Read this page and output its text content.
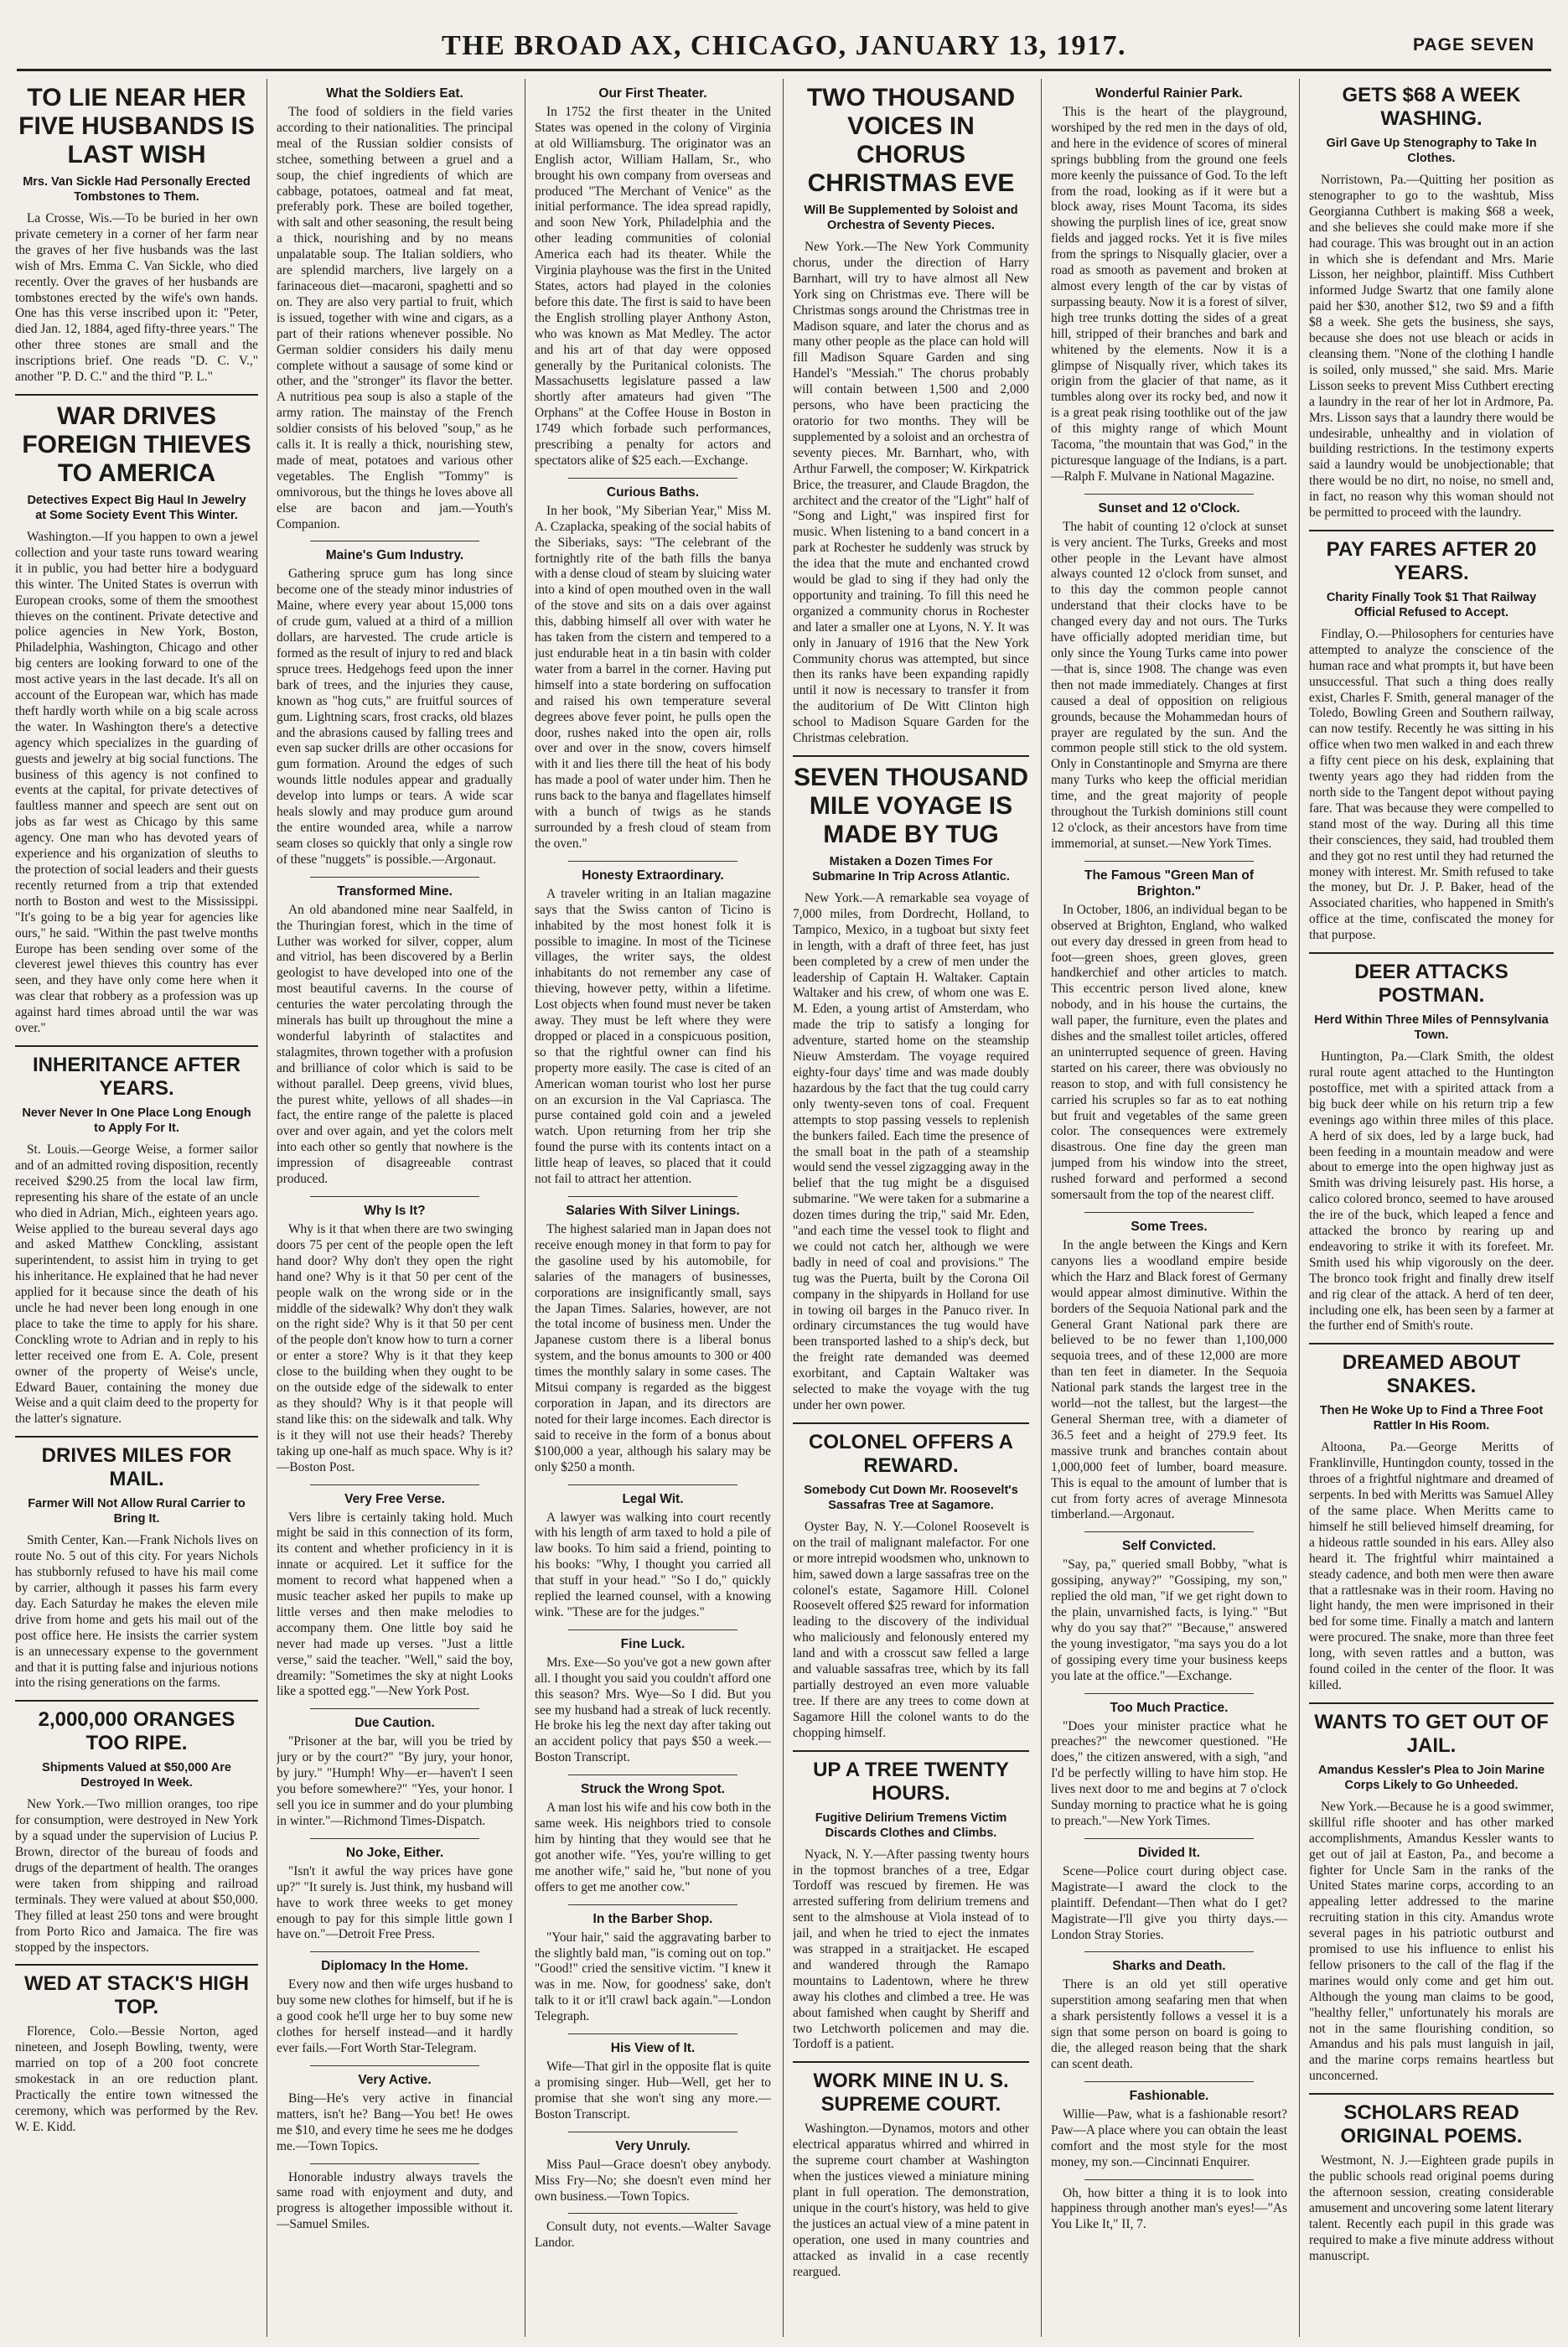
THE BROAD AX, CHICAGO, JANUARY 13, 1917.	PAGE SEVEN
TO LIE NEAR HER FIVE HUSBANDS IS LAST WISH
Mrs. Van Sickle Had Personally Erected Tombstones to Them.

La Crosse, Wis.—To be buried in her own private cemetery in a corner of her farm near the graves of her five husbands was the last wish of Mrs. Emma C. Van Sickle, who died recently. Over the graves of her husbands are tombstones erected by the wife's own hands. One has this verse inscribed upon it: "Peter, died Jan. 12, 1884, aged fifty-three years." The other three stones are small and the inscriptions brief. One reads "D. C. V.," another "P. D. C." and the third "P. L."

WAR DRIVES FOREIGN THIEVES TO AMERICA
Detectives Expect Big Haul In Jewelry at Some Society Event This Winter.

Washington.—If you happen to own a jewel collection and your taste runs toward wearing it in public, you had better hire a bodyguard this winter. The United States is overrun with European crooks, some of them the smoothest thieves on the continent. Private detective and police agencies in New York, Boston, Philadelphia, Washington, Chicago and other big centers are looking forward to one of the most active years in the last decade. It's all on account of the European war, which has made theft hardly worth while on a big scale across the water. In Washington there's a detective agency which specializes in the guarding of guests and jewelry at big social functions. The business of this agency is not confined to events at the capital, for private detectives of faultless manner and speech are sent out on jobs as far west as Chicago by this same agency. One man who has devoted years of experience and his organization of sleuths to the protection of social leaders and their guests recently returned from a trip that extended north to Boston and west to the Mississippi. "It's going to be a big year for agencies like ours," he said. "Within the past twelve months Europe has been sending over some of the cleverest jewel thieves this country has ever seen, and they have only come here when it was clear that robbery as a profession was up against hard times abroad until the war was over."

INHERITANCE AFTER YEARS.
Never Never In One Place Long Enough to Apply For It.

St. Louis.—George Weise, a former sailor and of an admitted roving disposition, recently received $290.25 from the local law firm, representing his share of the estate of an uncle who died in Adrian, Mich., eighteen years ago. Weise applied to the bureau several days ago and asked Matthew Conckling, assistant superintendent, to assist him in trying to get his inheritance. He explained that he had never applied for it because since the death of his uncle he had never been long enough in one place to take the time to apply for his share. Conckling wrote to Adrian and in reply to his letter received one from E. A. Cole, present owner of the property of Weise's uncle, Edward Bauer, containing the money due Weise and a quit claim deed to the property for the latter's signature.

DRIVES MILES FOR MAIL.
Farmer Will Not Allow Rural Carrier to Bring It.

Smith Center, Kan.—Frank Nichols lives on route No. 5 out of this city. For years Nichols has stubbornly refused to have his mail come by carrier, although it passes his farm every day. Each Saturday he makes the eleven mile drive from home and gets his mail out of the post office here. He insists the carrier system is an unnecessary expense to the government and that it is putting false and injurious notions into the rising generations on the farms.

2,000,000 ORANGES TOO RIPE.
Shipments Valued at $50,000 Are Destroyed In Week.

New York.—Two million oranges, too ripe for consumption, were destroyed in New York by a squad under the supervision of Lucius P. Brown, director of the bureau of foods and drugs of the department of health. The oranges were taken from shipping and railroad terminals. They were valued at about $50,000. They filled at least 250 tons and were brought from Porto Rico and Jamaica. The fire was stopped by the inspectors.

WED AT STACK'S HIGH TOP.

Florence, Colo.—Bessie Norton, aged nineteen, and Joseph Bowling, twenty, were married on top of a 200 foot concrete smokestack in an ore reduction plant. Practically the entire town witnessed the ceremony, which was performed by the Rev. W. E. Kidd.

What the Soldiers Eat.

The food of soldiers in the field varies according to their nationalities. The principal meal of the Russian soldier consists of stchee, something between a gruel and a soup, the chief ingredients of which are cabbage, potatoes, oatmeal and fat meat, preferably pork. These are boiled together, with salt and other seasoning, the result being a thick, nourishing and by no means unpalatable soup. The Italian soldiers, who are splendid marchers, live largely on a farinaceous diet—macaroni, spaghetti and so on. They are also very partial to fruit, which is issued, together with wine and cigars, as a part of their rations whenever possible. No German soldier considers his daily menu complete without a sausage of some kind or other, and the "stronger" its flavor the better. A nutritious pea soup is also a staple of the army ration. The mainstay of the French soldier consists of his beloved "soup," as he calls it. It is really a thick, nourishing stew, made of meat, potatoes and various other vegetables. The English "Tommy" is omnivorous, but the things he loves above all else are bacon and jam.—Youth's Companion.

Maine's Gum Industry.

Gathering spruce gum has long since become one of the steady minor industries of Maine, where every year about 15,000 tons of crude gum, valued at a third of a million dollars, are harvested. The crude article is formed as the result of injury to red and black spruce trees. Hedgehogs feed upon the inner bark of trees, and the injuries they cause, known as "hog cuts," are fruitful sources of gum. Lightning scars, frost cracks, old blazes and the abrasions caused by falling trees and even sap sucker drills are other occasions for gum formation. Around the edges of such wounds little nodules appear and gradually develop into lumps or tears. A wide scar heals slowly and may produce gum around the entire wounded area, while a narrow seam closes so quickly that only a single row of these "nuggets" is possible.—Argonaut.

Transformed Mine.

An old abandoned mine near Saalfeld, in the Thuringian forest, which in the time of Luther was worked for silver, copper, alum and vitriol, has been discovered by a Berlin geologist to have developed into one of the most beautiful caverns. In the course of centuries the water percolating through the minerals has built up throughout the mine a wonderful labyrinth of stalactites and stalagmites, thrown together with a profusion and brilliance of color which is said to be without parallel. Deep greens, vivid blues, the purest white, yellows of all shades—in fact, the entire range of the palette is placed over and over again, and yet the colors melt into each other so gently that nowhere is the impression of disagreeable contrast produced.

Why Is It?

Why is it that when there are two swinging doors 75 per cent of the people open the left hand door? Why don't they open the right hand one? Why is it that 50 per cent of the people walk on the wrong side or in the middle of the sidewalk? Why don't they walk on the right side? Why is it that 50 per cent of the people don't know how to turn a corner or enter a store? Why is it that they keep close to the building when they ought to be on the outside edge of the sidewalk to enter as they should? Why is it that people will stand like this: on the sidewalk and talk. Why is it they will not use their heads? Thereby taking up one-half as much space. Why is it?—Boston Post.

Very Free Verse.

Vers libre is certainly taking hold. Much might be said in this connection of its form, its content and whether proficiency in it is innate or acquired. Let it suffice for the moment to record what happened when a music teacher asked her pupils to make up little verses and then make melodies to accompany them. One little boy said he never had made up verses. "Just a little verse," said the teacher. "Well," said the boy, dreamily: "Sometimes the sky at night Looks like a spotted egg."—New York Post.

Due Caution.

"Prisoner at the bar, will you be tried by jury or by the court?" "By jury, your honor, by jury." "Humph! Why—er—haven't I seen you before somewhere?" "Yes, your honor. I sell you ice in summer and do your plumbing in winter."—Richmond Times-Dispatch.

No Joke, Either.

"Isn't it awful the way prices have gone up?" "It surely is. Just think, my husband will have to work three weeks to get money enough to pay for this simple little gown I have on."—Detroit Free Press.

Diplomacy In the Home.

Every now and then wife urges husband to buy some new clothes for himself, but if he is a good cook he'll urge her to buy some new clothes for herself instead—and it hardly ever fails.—Fort Worth Star-Telegram.

Very Active.

Bing—He's very active in financial matters, isn't he? Bang—You bet! He owes me $10, and every time he sees me he dodges me.—Town Topics.

Honorable industry always travels the same road with enjoyment and duty, and progress is altogether impossible without it.—Samuel Smiles.

Our First Theater.

In 1752 the first theater in the United States was opened in the colony of Virginia at old Williamsburg. The originator was an English actor, William Hallam, Sr., who brought his own company from overseas and produced "The Merchant of Venice" as the initial performance. The idea spread rapidly, and soon New York, Philadelphia and the other leading communities of colonial America each had its theater. While the Virginia playhouse was the first in the United States, actors had played in the colonies before this date. The first is said to have been the English strolling player Anthony Aston, who was known as Mat Medley. The actor and his art of that day were opposed generally by the Puritanical colonists. The Massachusetts legislature passed a law shortly after amateurs had given "The Orphans" at the Coffee House in Boston in 1749 which forbade such performances, prescribing a penalty for actors and spectators alike of $25 each.—Exchange.

Curious Baths.

In her book, "My Siberian Year," Miss M. A. Czaplacka, speaking of the social habits of the Siberiaks, says: "The celebrant of the fortnightly rite of the bath fills the banya with a dense cloud of steam by sluicing water into a kind of open mouthed oven in the wall of the stove and sits on a dais over against this, dabbing himself all over with water he has taken from the cistern and tempered to a just endurable heat in a tin basin with colder water from a barrel in the corner. Having put himself into a state bordering on suffocation and raised his own temperature several degrees above fever point, he pulls open the door, rushes naked into the open air, rolls over and over in the snow, covers himself with it and lies there till the heat of his body has made a pool of water under him. Then he runs back to the banya and flagellates himself with a bunch of twigs as he stands surrounded by a fresh cloud of steam from the oven."

Honesty Extraordinary.

A traveler writing in an Italian magazine says that the Swiss canton of Ticino is inhabited by the most honest folk it is possible to imagine. In most of the Ticinese villages, the writer says, the oldest inhabitants do not remember any case of thieving, however petty, within a lifetime. Lost objects when found must never be taken away. They must be left where they were dropped or placed in a conspicuous position, so that the rightful owner can find his property more easily. The case is cited of an American woman tourist who lost her purse on an excursion in the Val Capriasca. The purse contained gold coin and a jeweled watch. Upon returning from her trip she found the purse with its contents intact on a little heap of leaves, so placed that it could not fail to attract her attention.

Salaries With Silver Linings.

The highest salaried man in Japan does not receive enough money in that form to pay for the gasoline used by his automobile, for salaries of the managers of businesses, corporations are insignificantly small, says the Japan Times. Salaries, however, are not the total income of business men. Under the Japanese custom there is a liberal bonus system, and the bonus amounts to 300 or 400 times the monthly salary in some cases. The Mitsui company is regarded as the biggest corporation in Japan, and its directors are noted for their large incomes. Each director is said to receive in the form of a bonus about $100,000 a year, although his salary may be only $250 a month.

Legal Wit.

A lawyer was walking into court recently with his length of arm taxed to hold a pile of law books. To him said a friend, pointing to his books: "Why, I thought you carried all that stuff in your head." "So I do," quickly replied the learned counsel, with a knowing wink. "These are for the judges."

Fine Luck.

Mrs. Exe—So you've got a new gown after all. I thought you said you couldn't afford one this season? Mrs. Wye—So I did. But you see my husband had a streak of luck recently. He broke his leg the next day after taking out an accident policy that pays $50 a week.—Boston Transcript.

Struck the Wrong Spot.

A man lost his wife and his cow both in the same week. His neighbors tried to console him by hinting that they would see that he got another wife. "Yes, you're willing to get me another wife," said he, "but none of you offers to get me another cow."

In the Barber Shop.

"Your hair," said the aggravating barber to the slightly bald man, "is coming out on top." "Good!" cried the sensitive victim. "I knew it was in me. Now, for goodness' sake, don't talk to it or it'll crawl back again."—London Telegraph.

His View of It.

Wife—That girl in the opposite flat is quite a promising singer. Hub—Well, get her to promise that she won't sing any more.—Boston Transcript.

Very Unruly.

Miss Paul—Grace doesn't obey anybody. Miss Fry—No; she doesn't even mind her own business.—Town Topics.

Consult duty, not events.—Walter Savage Landor.

TWO THOUSAND VOICES IN CHORUS CHRISTMAS EVE
Will Be Supplemented by Soloist and Orchestra of Seventy Pieces.

New York.—The New York Community chorus, under the direction of Harry Barnhart, will try to have almost all New York sing on Christmas eve. There will be Christmas songs around the Christmas tree in Madison square, and later the chorus and as many other people as the place can hold will fill Madison Square Garden and sing Handel's "Messiah." The chorus probably will contain between 1,500 and 2,000 persons, who have been practicing the oratorio for two months. They will be supplemented by a soloist and an orchestra of seventy pieces. Mr. Barnhart, who, with Arthur Farwell, the composer; W. Kirkpatrick Brice, the treasurer, and Claude Bragdon, the architect and the creator of the "Light" half of "Song and Light," was inspired first for music. When listening to a band concert in a park at Rochester he suddenly was struck by the idea that the mute and enchanted crowd would be glad to sing if they had only the opportunity and training. To fill this need he organized a community chorus in Rochester and later a smaller one at Lyons, N. Y. It was only in January of 1916 that the New York Community chorus was attempted, but since then its ranks have been expanding rapidly until it now is necessary to transfer it from the auditorium of De Witt Clinton high school to Madison Square Garden for the Christmas celebration.

SEVEN THOUSAND MILE VOYAGE IS MADE BY TUG
Mistaken a Dozen Times For Submarine In Trip Across Atlantic.

New York.—A remarkable sea voyage of 7,000 miles, from Dordrecht, Holland, to Tampico, Mexico, in a tugboat but sixty feet in length, with a draft of three feet, has just been completed by a crew of men under the leadership of Captain H. Waltaker. Captain Waltaker and his crew, of whom one was E. M. Eden, a young artist of Amsterdam, who made the trip to satisfy a longing for adventure, started home on the steamship Nieuw Amsterdam. The voyage required eighty-four days' time and was made doubly hazardous by the fact that the tug could carry only twenty-seven tons of coal. Frequent attempts to stop passing vessels to replenish the bunkers failed. Each time the presence of the small boat in the path of a steamship would send the vessel zigzagging away in the belief that the tug might be a disguised submarine. "We were taken for a submarine a dozen times during the trip," said Mr. Eden, "and each time the vessel took to flight and we could not catch her, although we were badly in need of coal and provisions." The tug was the Puerta, built by the Corona Oil company in the shipyards in Holland for use in towing oil barges in the Panuco river. In ordinary circumstances the tug would have been transported lashed to a ship's deck, but the freight rate demanded was deemed exorbitant, and Captain Waltaker was selected to make the voyage with the tug under her own power.

COLONEL OFFERS A REWARD.
Somebody Cut Down Mr. Roosevelt's Sassafras Tree at Sagamore.

Oyster Bay, N. Y.—Colonel Roosevelt is on the trail of malignant malefactor. For one or more intrepid woodsmen who, unknown to him, sawed down a large sassafras tree on the colonel's estate, Sagamore Hill. Colonel Roosevelt offered $25 reward for information leading to the discovery of the individual who maliciously and felonously entered my land and with a crosscut saw felled a large and valuable sassafras tree, which by its fall partially destroyed an even more valuable tree. If there are any trees to come down at Sagamore Hill the colonel wants to do the chopping himself.

UP A TREE TWENTY HOURS.
Fugitive Delirium Tremens Victim Discards Clothes and Climbs.

Nyack, N. Y.—After passing twenty hours in the topmost branches of a tree, Edgar Tordoff was rescued by firemen. He was arrested suffering from delirium tremens and sent to the almshouse at Viola instead of to jail, and when he tried to eject the inmates was strapped in a straitjacket. He escaped and wandered through the Ramapo mountains to Ladentown, where he threw away his clothes and climbed a tree. He was about famished when caught by Sheriff and two Letchworth policemen and may die. Tordoff is a patient.

WORK MINE IN U. S. SUPREME COURT.

Washington.—Dynamos, motors and other electrical apparatus whirred and whirred in the supreme court chamber at Washington when the justices viewed a miniature mining plant in full operation. The demonstration, unique in the court's history, was held to give the justices an actual view of a mine patent in operation, one used in many countries and attacked as invalid in a case recently reargued.

Wonderful Rainier Park.

This is the heart of the playground, worshiped by the red men in the days of old, and here in the evidence of scores of mineral springs bubbling from the ground one feels more keenly the puissance of God. To the left from the road, looking as if it were but a block away, rises Mount Tacoma, its sides showing the purplish lines of ice, great snow fields and jagged rocks. Yet it is five miles from the springs to Nisqually glacier, over a road as smooth as pavement and broken at almost every length of the car by vistas of surpassing beauty. Now it is a forest of silver, high tree trunks dotting the sides of a great hill, stripped of their branches and bark and whitened by the elements. Now it is a glimpse of Nisqually river, which takes its origin from the glacier of that name, as it tumbles along over its rocky bed, and now it is a great peak rising toothlike out of the jaw of this mighty range of which Mount Tacoma, "the mountain that was God," in the picturesque language of the Indians, is a part.—Ralph F. Mulvane in National Magazine.

Sunset and 12 o'Clock.

The habit of counting 12 o'clock at sunset is very ancient. The Turks, Greeks and most other people in the Levant have almost always counted 12 o'clock from sunset, and to this day the common people cannot understand that their clocks have to be changed every day and not ours. The Turks have officially adopted meridian time, but only since the Young Turks came into power—that is, since 1908. The change was even then not made immediately. Changes at first caused a deal of opposition on religious grounds, because the Mohammedan hours of prayer are regulated by the sun. And the common people still stick to the old system. Only in Constantinople and Smyrna are there many Turks who keep the official meridian time, and the great majority of people throughout the Turkish dominions still count 12 o'clock, as their ancestors have from time immemorial, at sunset.—New York Times.

The Famous "Green Man of Brighton."

In October, 1806, an individual began to be observed at Brighton, England, who walked out every day dressed in green from head to foot—green shoes, green gloves, green handkerchief and other articles to match. This eccentric person lived alone, knew nobody, and in his house the curtains, the wall paper, the furniture, even the plates and dishes and the smallest toilet articles, offered an uninterrupted sequence of green. Having started on his career, there was obviously no reason to stop, and with full consistency he carried his scruples so far as to eat nothing but fruit and vegetables of the same green color. The consequences were extremely disastrous. One fine day the green man jumped from his window into the street, rushed forward and performed a second somersault from the top of the nearest cliff.

Some Trees.

In the angle between the Kings and Kern canyons lies a woodland empire beside which the Harz and Black forest of Germany would appear almost diminutive. Within the borders of the Sequoia National park and the General Grant National park there are believed to be no fewer than 1,100,000 sequoia trees, and of these 12,000 are more than ten feet in diameter. In the Sequoia National park stands the largest tree in the world—not the tallest, but the largest—the General Sherman tree, with a diameter of 36.5 feet and a height of 279.9 feet. Its massive trunk and branches contain about 1,000,000 feet of lumber, board measure. This is equal to the amount of lumber that is cut from forty acres of average Minnesota timberland.—Argonaut.

Self Convicted.

"Say, pa," queried small Bobby, "what is gossiping, anyway?" "Gossiping, my son," replied the old man, "if we get right down to the plain, unvarnished facts, is lying." "But why do you say that?" "Because," answered the young investigator, "ma says you do a lot of gossiping every time your business keeps you late at the office."—Exchange.

Too Much Practice.

"Does your minister practice what he preaches?" the newcomer questioned. "He does," the citizen answered, with a sigh, "and I'd be perfectly willing to have him stop. He lives next door to me and begins at 7 o'clock Sunday morning to practice what he is going to preach."—New York Times.

Divided It.

Scene—Police court during object case. Magistrate—I award the clock to the plaintiff. Defendant—Then what do I get? Magistrate—I'll give you thirty days.—London Stray Stories.

Sharks and Death.

There is an old yet still operative superstition among seafaring men that when a shark persistently follows a vessel it is a sign that some person on board is going to die, the alleged reason being that the shark can scent death.

Fashionable.

Willie—Paw, what is a fashionable resort? Paw—A place where you can obtain the least comfort and the most style for the most money, my son.—Cincinnati Enquirer.

Oh, how bitter a thing it is to look into happiness through another man's eyes!—"As You Like It," II, 7.

GETS $68 A WEEK WASHING.
Girl Gave Up Stenography to Take In Clothes.

Norristown, Pa.—Quitting her position as stenographer to go to the washtub, Miss Georgianna Cuthbert is making $68 a week, and she believes she could make more if she had courage. This was brought out in an action in which she is defendant and Mrs. Marie Lisson, her neighbor, plaintiff. Miss Cuthbert informed Judge Swartz that one family alone paid her $30, another $12, two $9 and a fifth $8 a week. She gets the business, she says, because she does not use bleach or acids in cleansing them. "None of the clothing I handle is soiled, only mussed," she said. Mrs. Marie Lisson seeks to prevent Miss Cuthbert erecting a laundry in the rear of her lot in Ardmore, Pa. Mrs. Lisson says that a laundry there would be undesirable, unhealthy and in violation of building restrictions. In the testimony experts said a laundry would be unobjectionable; that there would be no dirt, no noise, no smell and, in fact, no reason why this woman should not be permitted to proceed with the laundry.

PAY FARES AFTER 20 YEARS.
Charity Finally Took $1 That Railway Official Refused to Accept.

Findlay, O.—Philosophers for centuries have attempted to analyze the conscience of the human race and what prompts it, but have been unsuccessful. That such a thing does really exist, Charles F. Smith, general manager of the Toledo, Bowling Green and Southern railway, can now testify. Recently he was sitting in his office when two men walked in and each threw a fifty cent piece on his desk, explaining that twenty years ago they had ridden from the north side to the Tangent depot without paying fare. That was because they were compelled to stand most of the way. During all this time their consciences, they said, had troubled them and they got no rest until they had returned the money with interest. Mr. Smith refused to take the money, but Dr. J. P. Baker, head of the Associated charities, who happened in Smith's office at the time, confiscated the money for that purpose.

DEER ATTACKS POSTMAN.
Herd Within Three Miles of Pennsylvania Town.

Huntington, Pa.—Clark Smith, the oldest rural route agent attached to the Huntington postoffice, met with a spirited attack from a big buck deer while on his return trip a few evenings ago within three miles of this place. A herd of six does, led by a large buck, had been feeding in a mountain meadow and were about to emerge into the open highway just as Smith was driving leisurely past. His horse, a calico colored bronco, seemed to have aroused the ire of the buck, which leaped a fence and attacked the bronco by rearing up and endeavoring to strike it with its forefeet. Mr. Smith used his whip vigorously on the deer. The bronco took fright and finally drew itself and rig clear of the attack. A herd of ten deer, including one elk, has been seen by a farmer at the further end of Smith's route.

DREAMED ABOUT SNAKES.
Then He Woke Up to Find a Three Foot Rattler In His Room.

Altoona, Pa.—George Meritts of Franklinville, Huntingdon county, tossed in the throes of a frightful nightmare and dreamed of serpents. In bed with Meritts was Samuel Alley of the same place. When Meritts came to himself he still believed himself dreaming, for a hideous rattle sounded in his ears. Alley also heard it. The frightful whirr maintained a steady cadence, and both men were then aware that a rattlesnake was in their room. Having no light handy, the men were imprisoned in their bed for some time. Finally a match and lantern were procured. The snake, more than three feet long, with seven rattles and a button, was found coiled in the center of the floor. It was killed.

WANTS TO GET OUT OF JAIL.
Amandus Kessler's Plea to Join Marine Corps Likely to Go Unheeded.

New York.—Because he is a good swimmer, skillful rifle shooter and has other marked accomplishments, Amandus Kessler wants to get out of jail at Easton, Pa., and become a fighter for Uncle Sam in the ranks of the United States marine corps, according to an appealing letter addressed to the marine recruiting station in this city. Amandus wrote several pages in his patriotic outburst and promised to use his influence to enlist his fellow prisoners to the call of the flag if the marines would only come and get him out. Although the young man claims to be good, "healthy feller," unfortunately his morals are not in the same flourishing condition, so Amandus and his pals must languish in jail, and the marine corps remains heartless but unconcerned.

SCHOLARS READ ORIGINAL POEMS.

Westmont, N. J.—Eighteen grade pupils in the public schools read original poems during the afternoon session, creating considerable amusement and uncovering some latent literary talent. Recently each pupil in this grade was required to make a five minute address without manuscript.
